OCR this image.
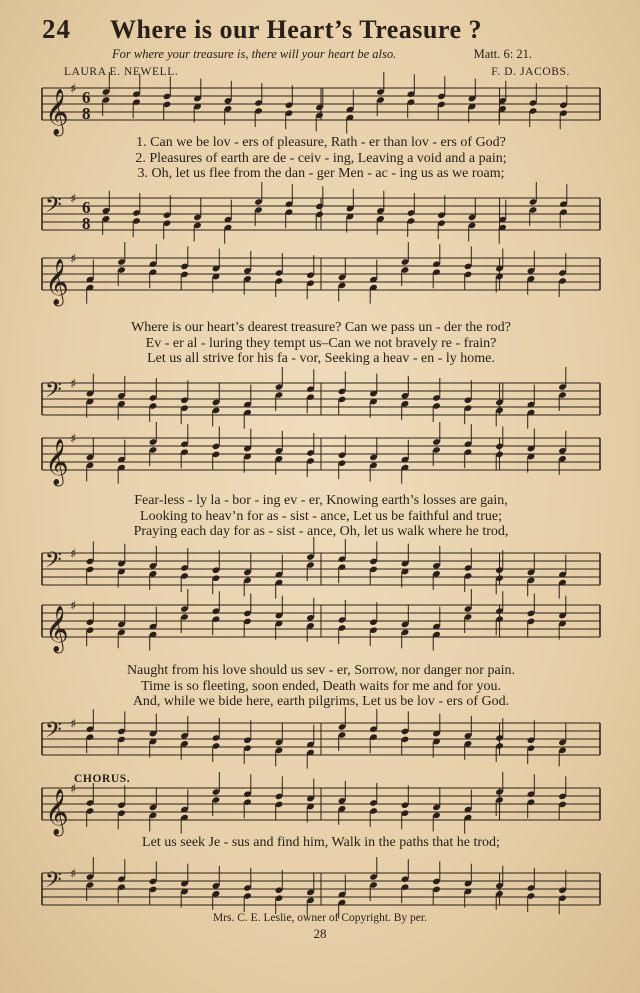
24 Where is our Heart’s Treasure ?
For where your treasure is, there will your heart be also.	Matt. 6: 21.
LAURA E. NEWELL.	F. D. JACOBS.
𝄞 ♯ 6
8
1. Can we be lov - ers of pleasure, Rath - er than lov - ers of God?
2. Pleasures of earth are de - ceiv - ing, Leaving a void and a pain;
3. Oh, let us flee from the dan - ger Men - ac - ing us as we roam;
𝄢 ♯ 6
8
𝄞 ♯
Where is our heart’s dearest treasure? Can we pass un - der the rod?
Ev - er al - luring they tempt us–Can we not bravely re - frain?
Let us all strive for his fa - vor, Seeking a heav - en - ly home.
𝄢 ♯
𝄞 ♯
Fear-less - ly la - bor - ing ev - er, Knowing earth’s losses are gain,
Looking to heav’n for as - sist - ance, Let us be faithful and true;
Praying each day for as - sist - ance, Oh, let us walk where he trod,
𝄢 ♯
𝄞 ♯
Naught from his love should us sev - er, Sorrow, nor danger nor pain.
Time is so fleeting, soon ended, Death waits for me and for you.
And, while we bide here, earth pilgrims, Let us be lov - ers of God.
𝄢 ♯
CHORUS.
𝄞 ♯
Let us seek Je - sus and find him, Walk in the paths that he trod;
𝄢 ♯
Mrs. C. E. Leslie, owner of Copyright. By per.
28
